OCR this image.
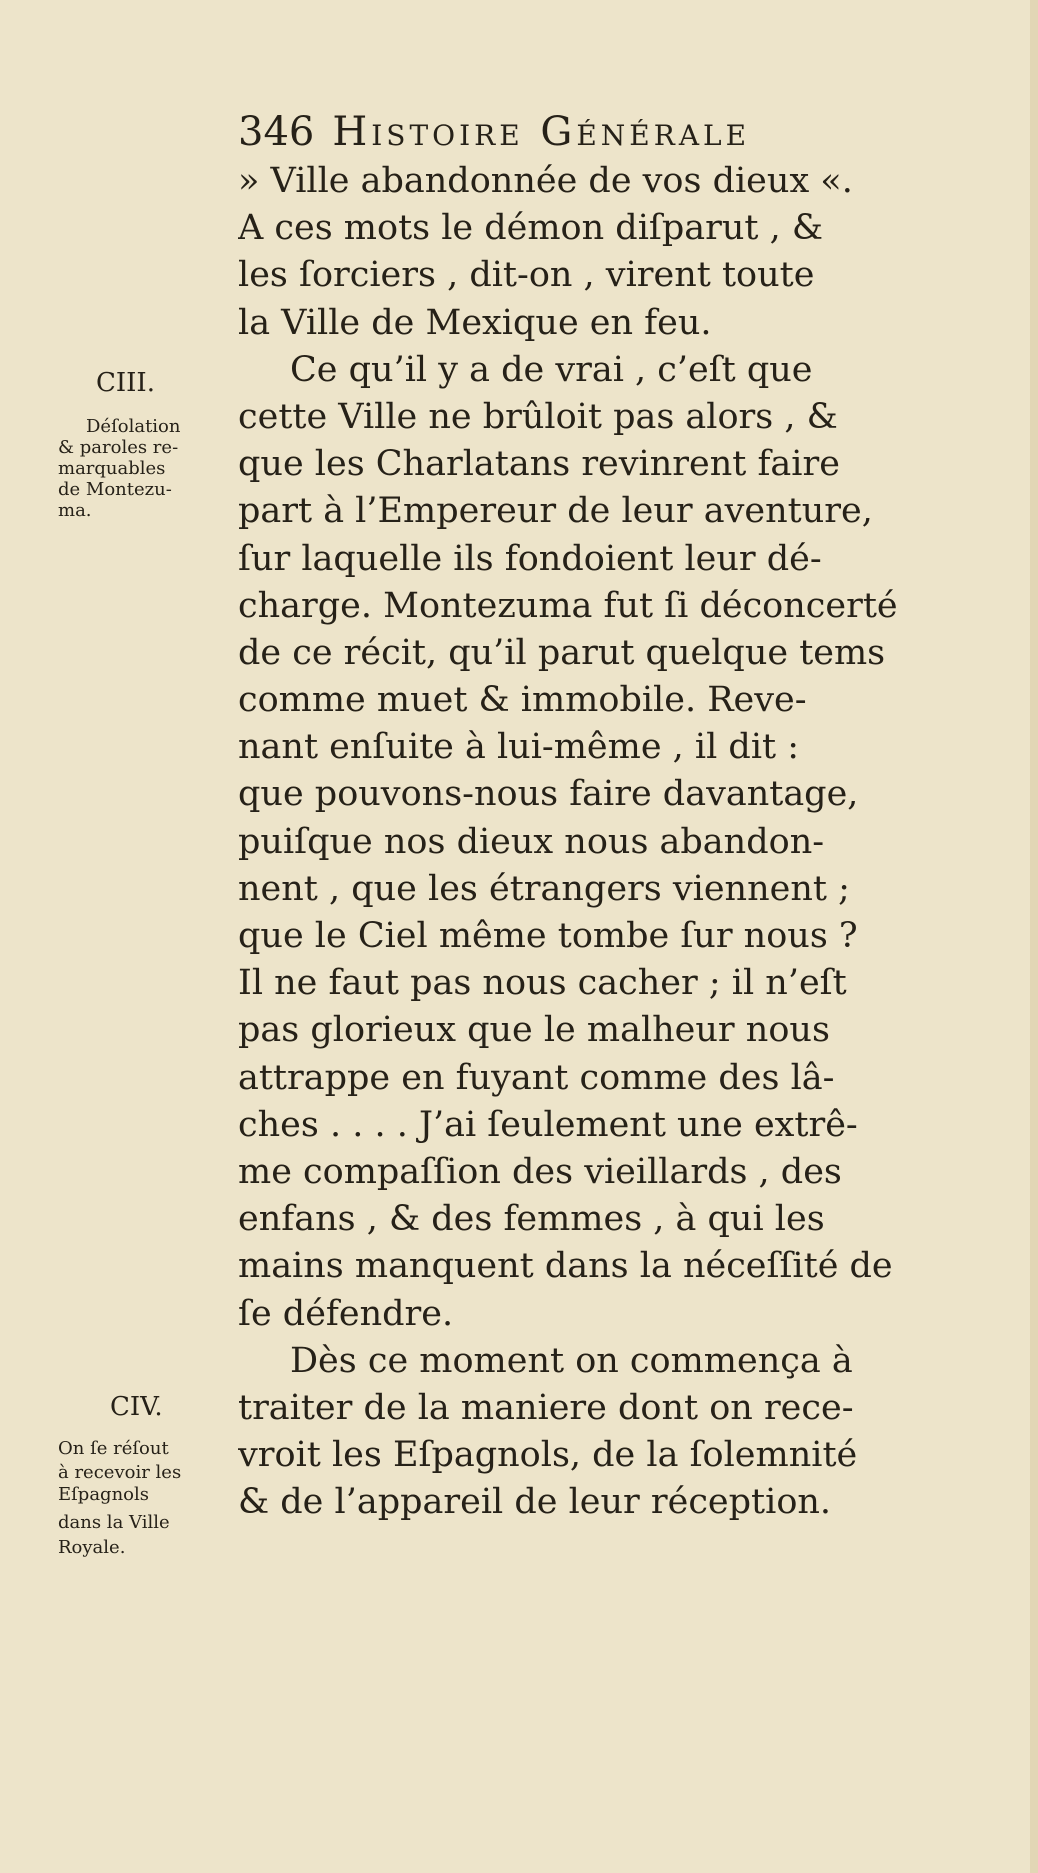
346 Histoire Générale
» Ville abandonnée de vos dieux «.
A ces mots le démon diſparut , &
les ſorciers , dit-on , virent toute
la Ville de Mexique en feu.
Ce qu’il y a de vrai , c’eſt que
cette Ville ne brûloit pas alors , &
que les Charlatans revinrent faire
part à l’Empereur de leur aventure,
ſur laquelle ils fondoient leur dé-
charge. Montezuma fut ſi déconcerté
de ce récit, qu’il parut quelque tems
comme muet & immobile. Reve-
nant enſuite à lui-même , il dit :
que pouvons-nous faire davantage,
puiſque nos dieux nous abandon-
nent , que les étrangers viennent ;
que le Ciel même tombe ſur nous ?
Il ne faut pas nous cacher ; il n’eſt
pas glorieux que le malheur nous
attrappe en fuyant comme des lâ-
ches . . . . J’ai ſeulement une extrê-
me compaſſion des vieillards , des
enfans , & des femmes , à qui les
mains manquent dans la néceſſité de
ſe défendre.
Dès ce moment on commença à
traiter de la maniere dont on rece-
vroit les Eſpagnols, de la ſolemnité
& de l’appareil de leur réception.
CIII.
Déſolation
& paroles re-
marquables
de Montezu-
ma.
CIV.
On ſe réſout
à recevoir les
Eſpagnols
dans la Ville
Royale.
